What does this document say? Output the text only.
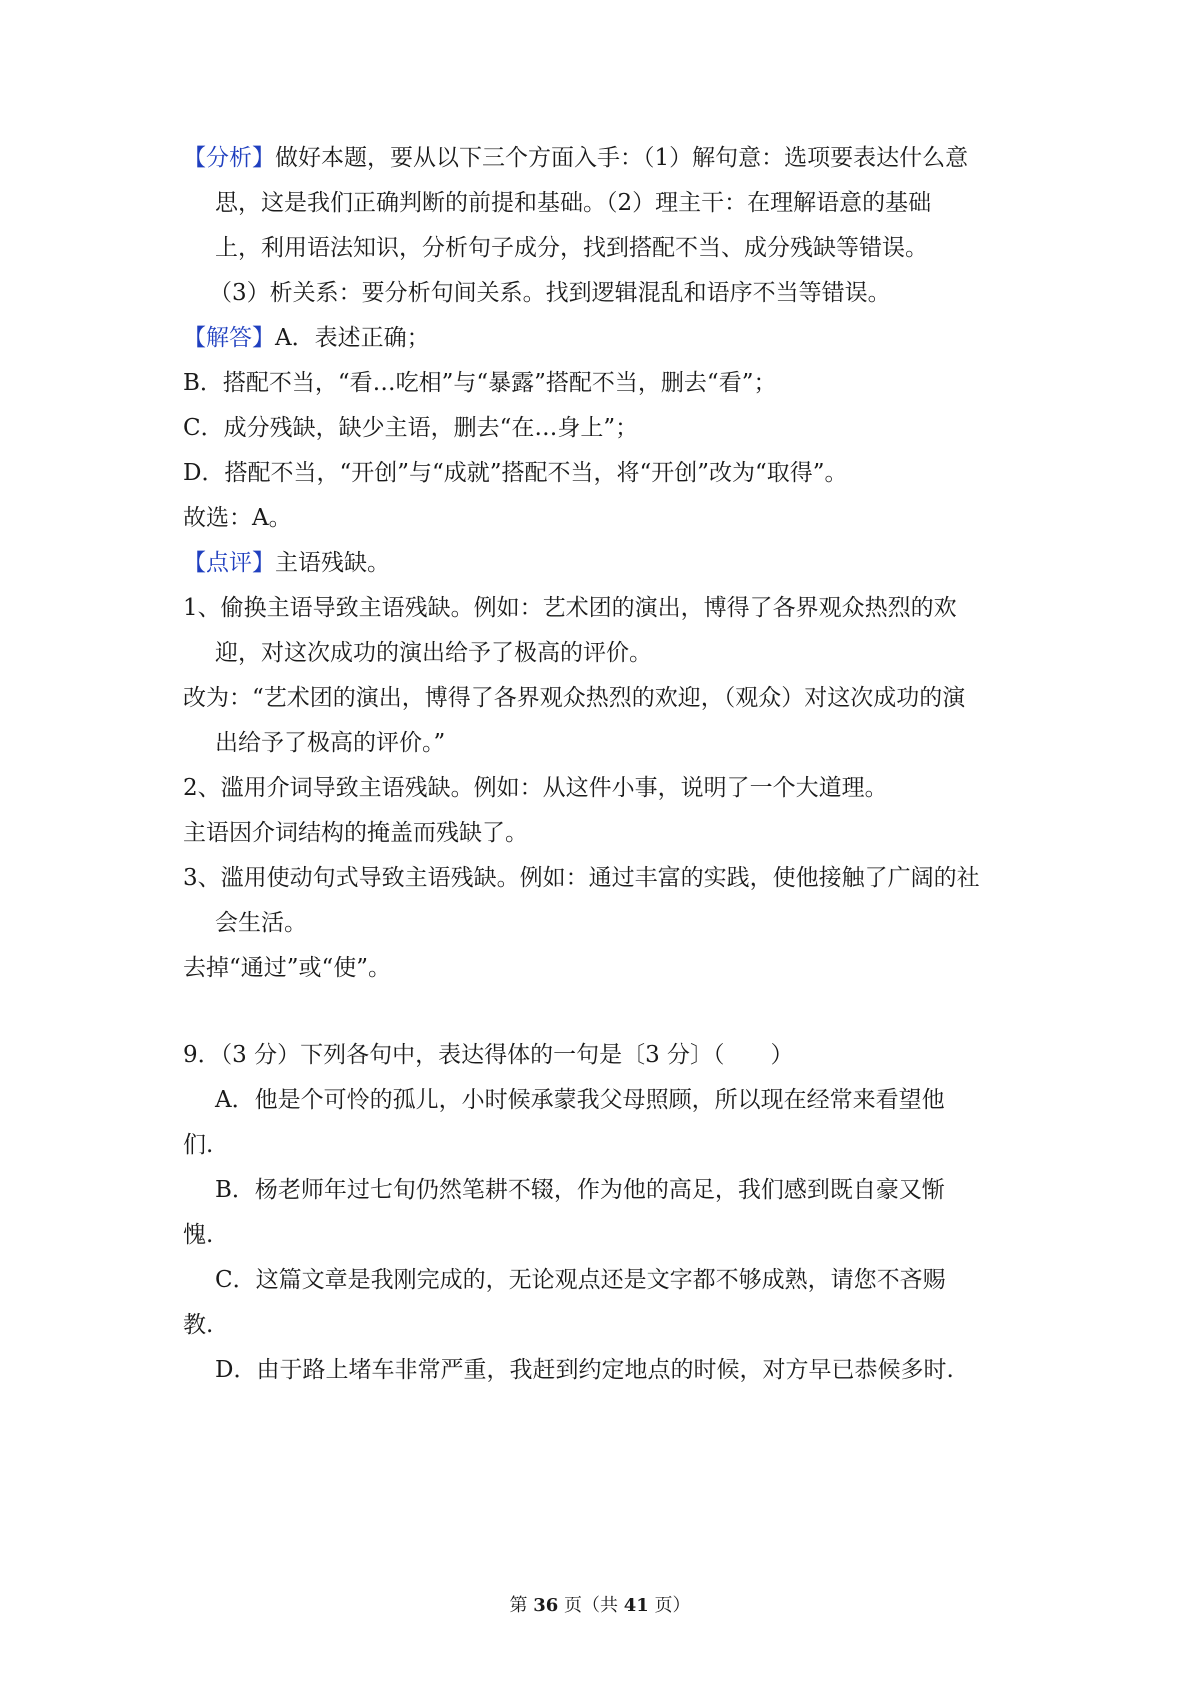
【分析】做好本题，要从以下三个方面入手：（1）解句意：选项要表达什么意
思，这是我们正确判断的前提和基础。（2）理主干：在理解语意的基础
上，利用语法知识，分析句子成分，找到搭配不当、成分残缺等错误。
（3）析关系：要分析句间关系。找到逻辑混乱和语序不当等错误。
【解答】A．表述正确；
B．搭配不当，“看…吃相”与“暴露”搭配不当，删去“看”；
C．成分残缺，缺少主语，删去“在…身上”；
D．搭配不当，“开创”与“成就”搭配不当，将“开创”改为“取得”。
故选：A。
【点评】主语残缺。
1、偷换主语导致主语残缺。例如：艺术团的演出，博得了各界观众热烈的欢
迎，对这次成功的演出给予了极高的评价。
改为：“艺术团的演出，博得了各界观众热烈的欢迎，（观众）对这次成功的演
出给予了极高的评价。”
2、滥用介词导致主语残缺。例如：从这件小事，说明了一个大道理。
主语因介词结构的掩盖而残缺了。
3、滥用使动句式导致主语残缺。例如：通过丰富的实践，使他接触了广阔的社
会生活。
去掉“通过”或“使”。
9．（3 分）下列各句中，表达得体的一句是〔3 分〕（　　）
A．他是个可怜的孤儿，小时候承蒙我父母照顾，所以现在经常来看望他
们.
B．杨老师年过七旬仍然笔耕不辍，作为他的高足，我们感到既自豪又惭
愧.
C．这篇文章是我刚完成的，无论观点还是文字都不够成熟，请您不吝赐
教.
D．由于路上堵车非常严重，我赶到约定地点的时候，对方早已恭候多时.
第 36 页（共 41 页）
